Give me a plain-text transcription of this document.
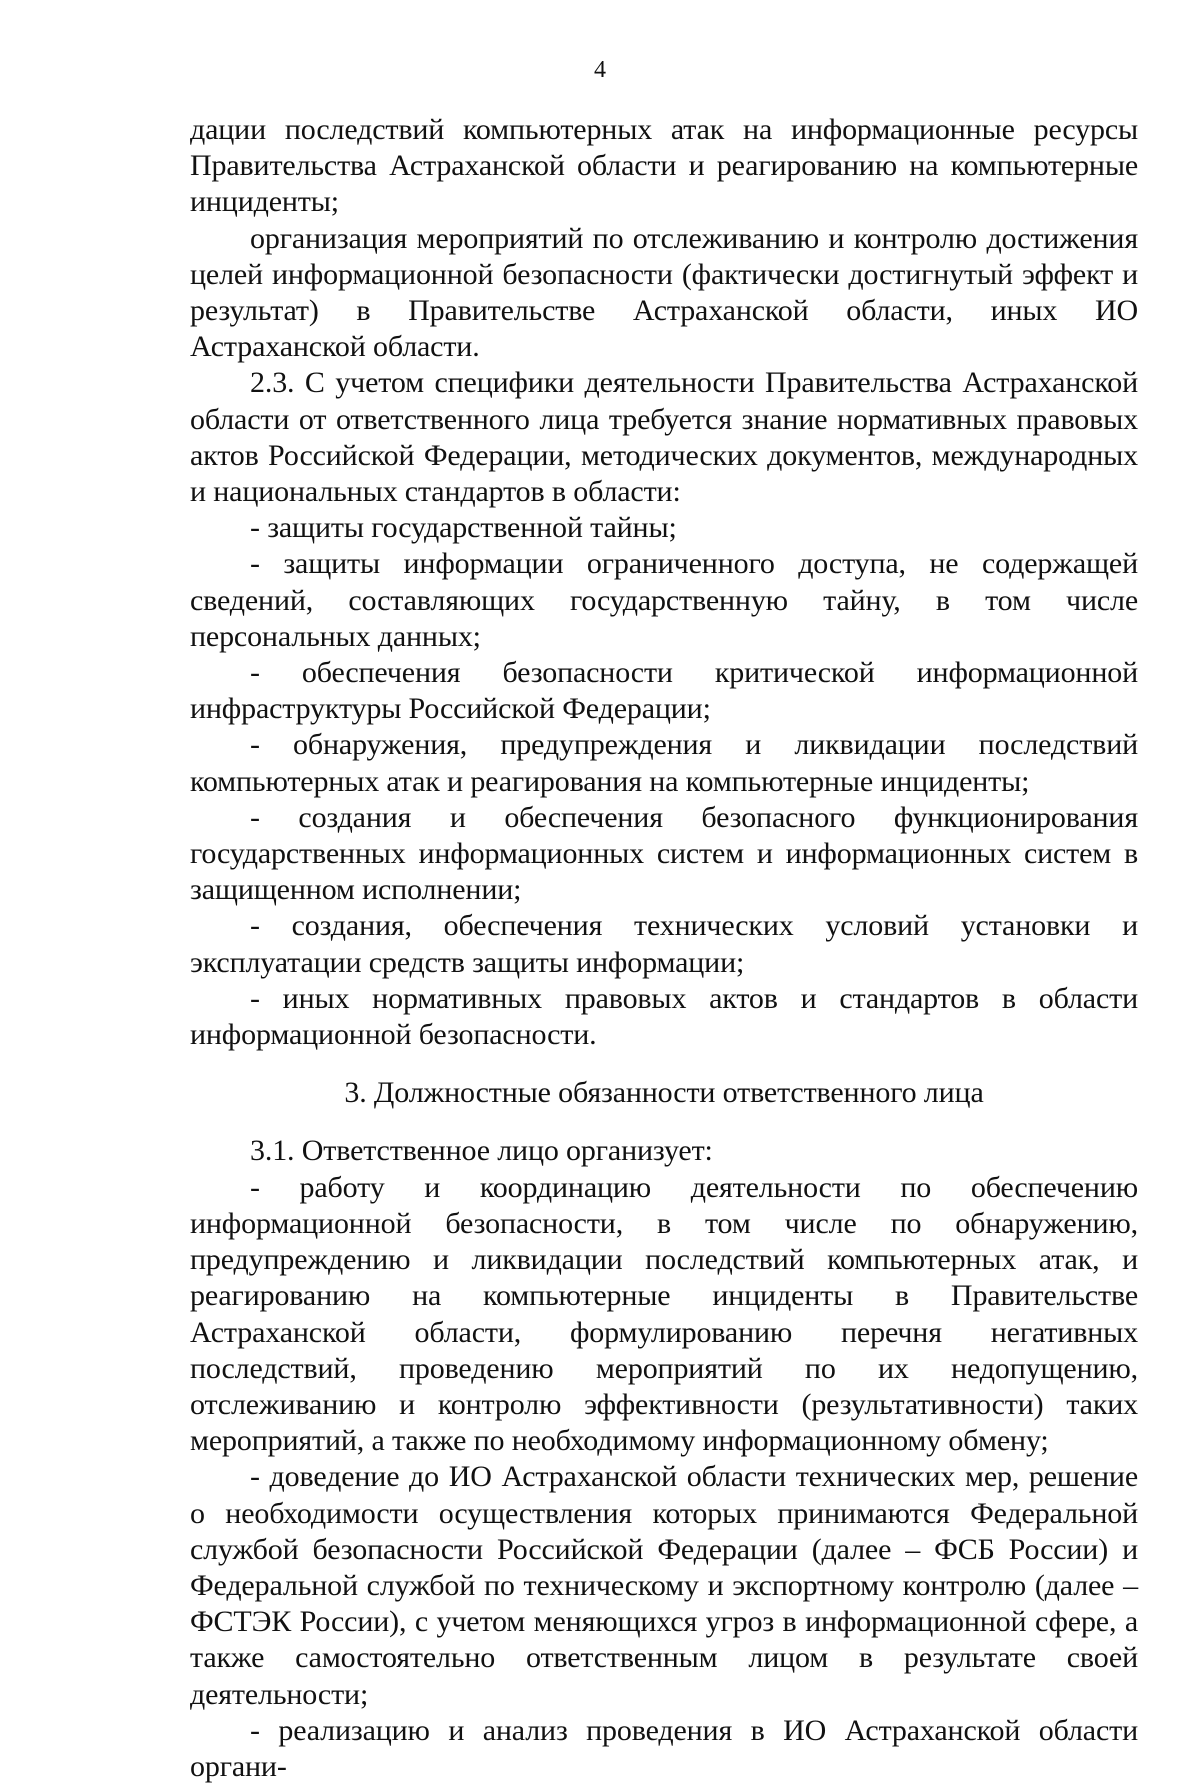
4

дации последствий компьютерных атак на информационные ресурсы Правительства Астраханской области и реагированию на компьютерные инциденты;

организация мероприятий по отслеживанию и контролю достижения целей информационной безопасности (фактически достигнутый эффект и результат) в Правительстве Астраханской области, иных ИО Астраханской области.

2.3. С учетом специфики деятельности Правительства Астраханской области от ответственного лица требуется знание нормативных правовых актов Российской Федерации, методических документов, международных и национальных стандартов в области:

- защиты государственной тайны;

- защиты информации ограниченного доступа, не содержащей сведений, составляющих государственную тайну, в том числе персональных данных;

- обеспечения безопасности критической информационной инфраструктуры Российской Федерации;

- обнаружения, предупреждения и ликвидации последствий компьютерных атак и реагирования на компьютерные инциденты;

- создания и обеспечения безопасного функционирования государственных информационных систем и информационных систем в защищенном исполнении;

- создания, обеспечения технических условий установки и эксплуатации средств защиты информации;

- иных нормативных правовых актов и стандартов в области информационной безопасности.

3. Должностные обязанности ответственного лица

3.1. Ответственное лицо организует:

- работу и координацию деятельности по обеспечению информационной безопасности, в том числе по обнаружению, предупреждению и ликвидации последствий компьютерных атак, и реагированию на компьютерные инциденты в Правительстве Астраханской области, формулированию перечня негативных последствий, проведению мероприятий по их недопущению, отслеживанию и контролю эффективности (результативности) таких мероприятий, а также по необходимому информационному обмену;

- доведение до ИО Астраханской области технических мер, решение о необходимости осуществления которых принимаются Федеральной службой безопасности Российской Федерации (далее – ФСБ России) и Федеральной службой по техническому и экспортному контролю (далее – ФСТЭК России), с учетом меняющихся угроз в информационной сфере, а также самостоятельно ответственным лицом в результате своей деятельности;

- реализацию и анализ проведения в ИО Астраханской области органи-
